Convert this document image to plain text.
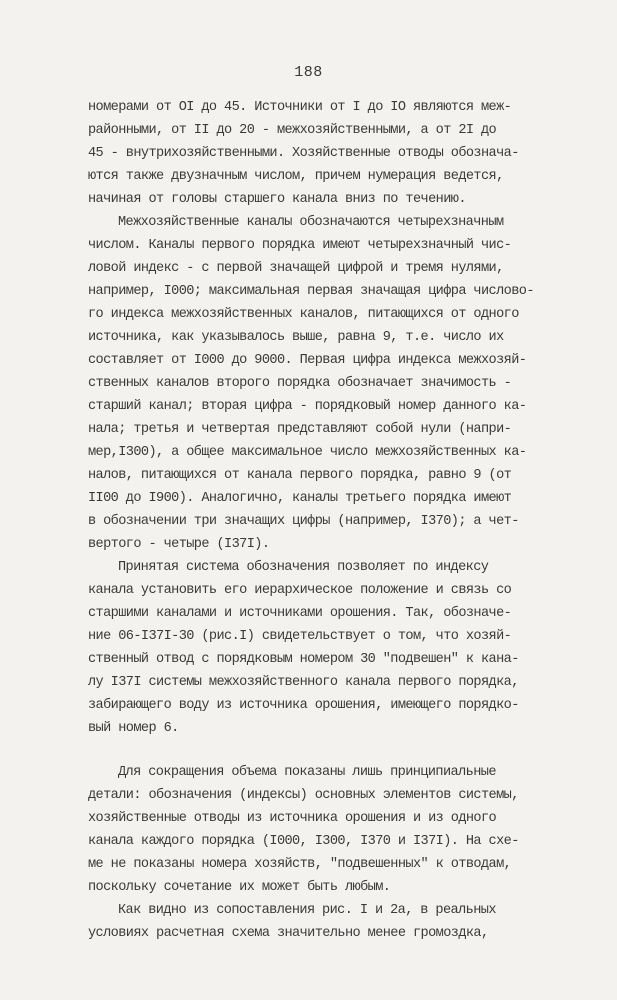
188
номерами от OI до 45. Источники от I до IO являются меж-
районными, от II до 20 - межхозяйственными, а от 2I до
45 - внутрихозяйственными. Хозяйственные отводы обознача-
ются также двузначным числом, причем нумерация ведется,
начиная от головы старшего канала вниз по течению.
Межхозяйственные каналы обозначаются четырехзначным
числом. Каналы первого порядка имеют четырехзначный чис-
ловой индекс - с первой значащей цифрой и тремя нулями,
например, I000; максимальная первая значащая цифра числово-
го индекса межхозяйственных каналов, питающихся от одного
источника, как указывалось выше, равна 9, т.е. число их
составляет от I000 до 9000. Первая цифра индекса межхозяй-
ственных каналов второго порядка обозначает значимость -
старший канал; вторая цифра - порядковый номер данного ка-
нала; третья и четвертая представляют собой нули (напри-
мер,I300), а общее максимальное число межхозяйственных ка-
налов, питающихся от канала первого порядка, равно 9 (от
II00 до I900). Аналогично, каналы третьего порядка имеют
в обозначении три значащих цифры (например, I370); а чет-
вертого - четыре (I37I).
Принятая система обозначения позволяет по индексу
канала установить его иерархическое положение и связь со
старшими каналами и источниками орошения. Так, обозначе-
ние 06-I37I-30 (рис.I) свидетельствует о том, что хозяй-
ственный отвод с порядковым номером 30 "подвешен" к кана-
лу I37I системы межхозяйственного канала первого порядка,
забирающего воду из источника орошения, имеющего порядко-
вый номер 6.
Для сокращения объема показаны лишь принципиальные
детали: обозначения (индексы) основных элементов системы,
хозяйственные отводы из источника орошения и из одного
канала каждого порядка (I000, I300, I370 и I37I). На схе-
ме не показаны номера хозяйств, "подвешенных" к отводам,
поскольку сочетание их может быть любым.
Как видно из сопоставления рис. I и 2а, в реальных
условиях расчетная схема значительно менее громоздка,
